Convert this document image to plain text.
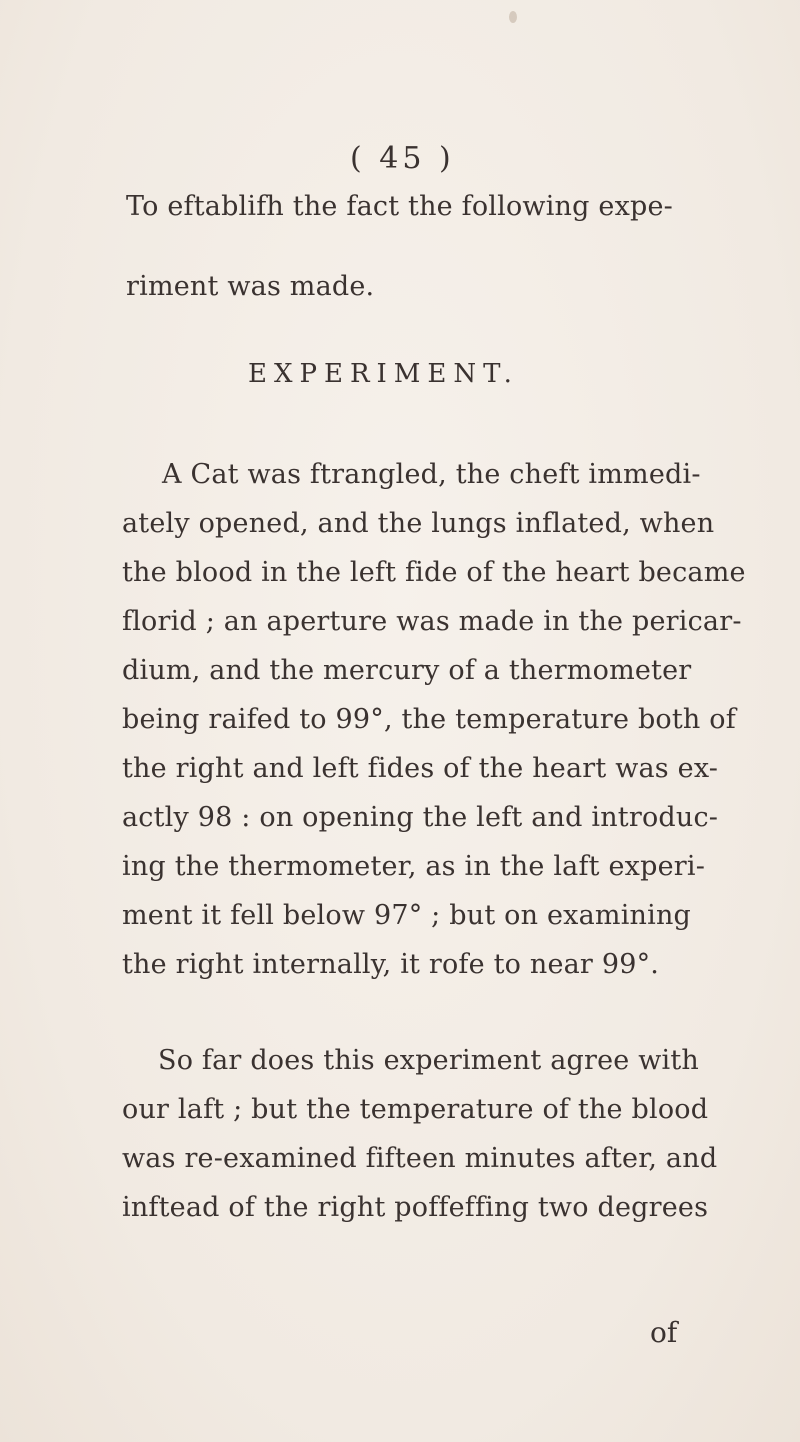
( 45 )
To eftablifh the fact the following expe-
riment was made.
EXPERIMENT.
A Cat was ftrangled, the cheft immedi-
ately opened, and the lungs inflated, when
the blood in the left fide of the heart became
florid ; an aperture was made in the pericar-
dium, and the mercury of a thermometer
being raifed to 99°, the temperature both of
the right and left fides of the heart was ex-
actly 98 : on opening the left and introduc-
ing the thermometer, as in the laft experi-
ment it fell below 97° ; but on examining
the right internally, it rofe to near 99°.
So far does this experiment agree with
our laft ; but the temperature of the blood
was re-examined fifteen minutes after, and
inftead of the right poffeffing two degrees
of
